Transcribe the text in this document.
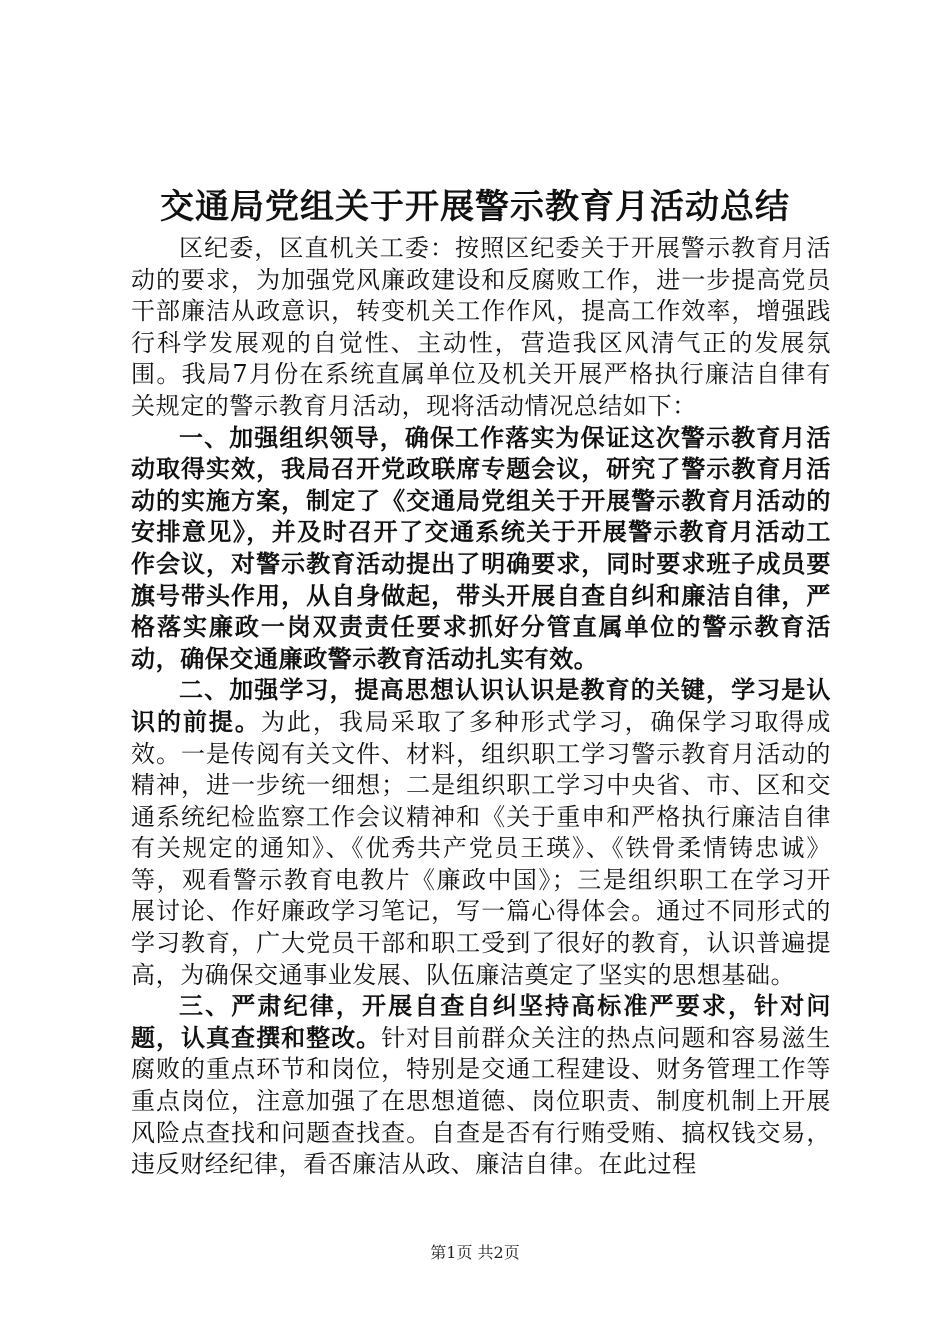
交通局党组关于开展警示教育月活动总结

区纪委，区直机关工委：按照区纪委关于开展警示教育月活动的要求，为加强党风廉政建设和反腐败工作，进一步提高党员干部廉洁从政意识，转变机关工作作风，提高工作效率，增强践行科学发展观的自觉性、主动性，营造我区风清气正的发展氛围。我局7月份在系统直属单位及机关开展严格执行廉洁自律有关规定的警示教育月活动，现将活动情况总结如下：

一、加强组织领导，确保工作落实为保证这次警示教育月活动取得实效，我局召开党政联席专题会议，研究了警示教育月活动的实施方案，制定了《交通局党组关于开展警示教育月活动的安排意见》，并及时召开了交通系统关于开展警示教育月活动工作会议，对警示教育活动提出了明确要求，同时要求班子成员要旗号带头作用，从自身做起，带头开展自查自纠和廉洁自律，严格落实廉政一岗双责责任要求抓好分管直属单位的警示教育活动，确保交通廉政警示教育活动扎实有效。

二、加强学习，提高思想认识认识是教育的关键，学习是认识的前提。为此，我局采取了多种形式学习，确保学习取得成效。一是传阅有关文件、材料，组织职工学习警示教育月活动的精神，进一步统一细想；二是组织职工学习中央省、市、区和交通系统纪检监察工作会议精神和《关于重申和严格执行廉洁自律有关规定的通知》、《优秀共产党员王瑛》、《铁骨柔情铸忠诚》等，观看警示教育电教片《廉政中国》；三是组织职工在学习开展讨论、作好廉政学习笔记，写一篇心得体会。通过不同形式的学习教育，广大党员干部和职工受到了很好的教育，认识普遍提高，为确保交通事业发展、队伍廉洁奠定了坚实的思想基础。

三、严肃纪律，开展自查自纠坚持高标准严要求，针对问题，认真查撰和整改。针对目前群众关注的热点问题和容易滋生腐败的重点环节和岗位，特别是交通工程建设、财务管理工作等重点岗位，注意加强了在思想道德、岗位职责、制度机制上开展风险点查找和问题查找查。自查是否有行贿受贿、搞权钱交易，违反财经纪律，看否廉洁从政、廉洁自律。在此过程

第1页 共2页
